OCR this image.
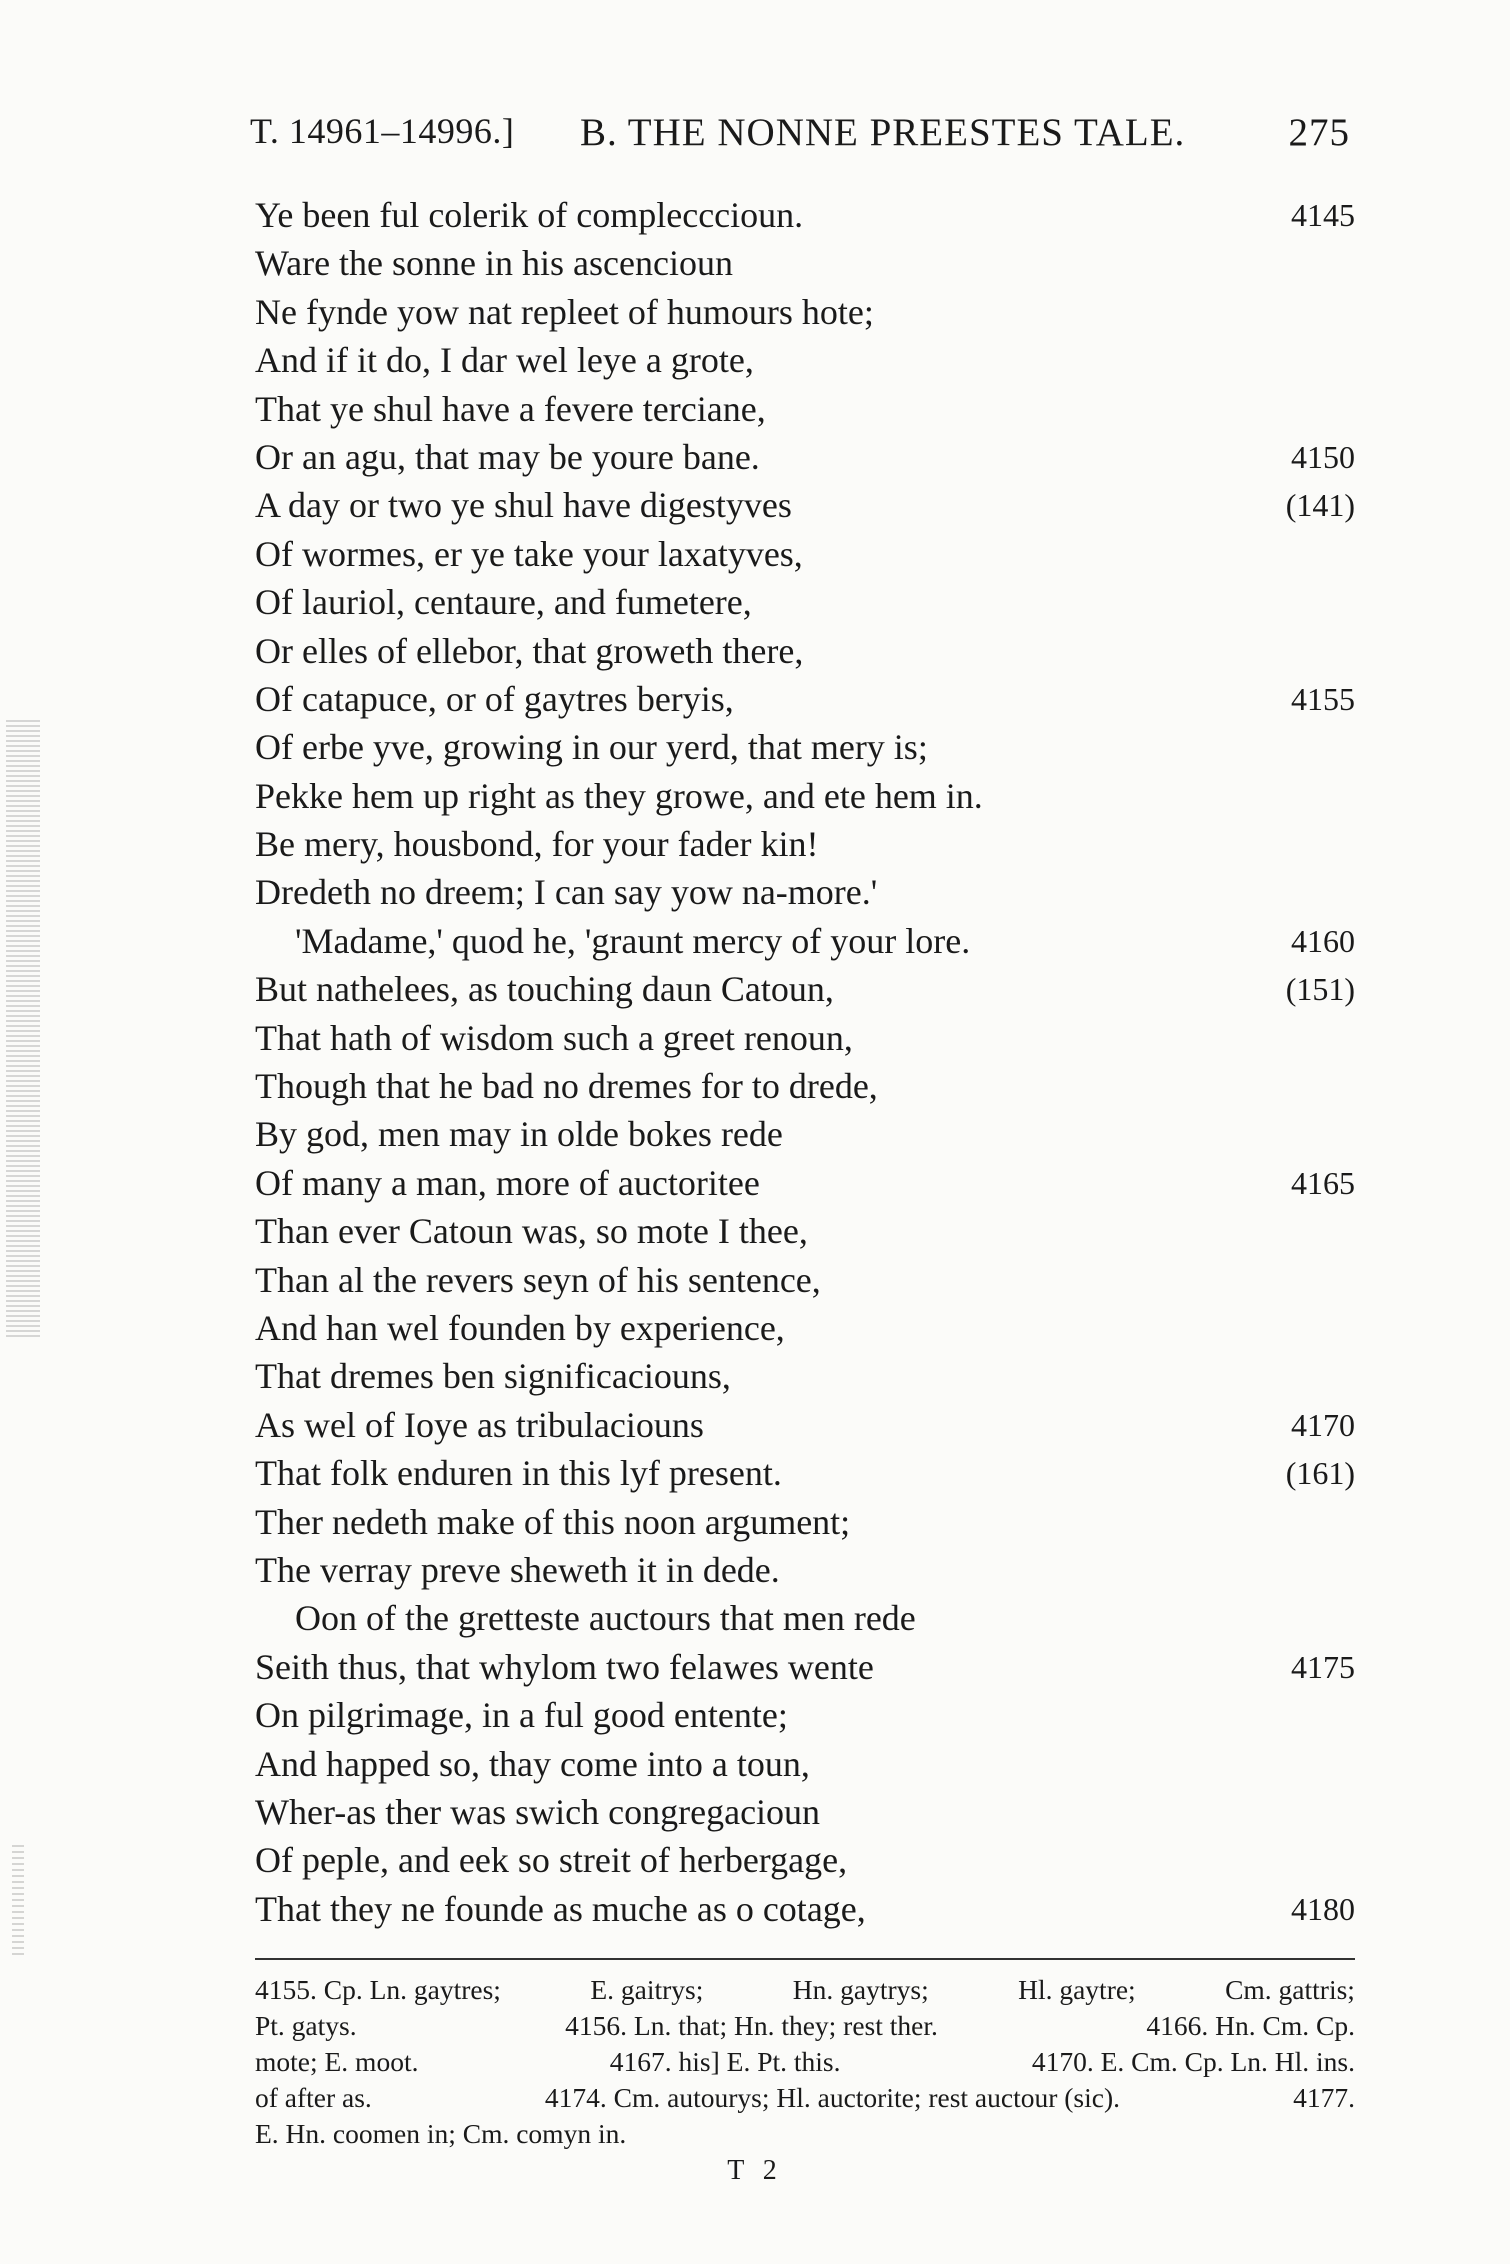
T. 14961–14996.] B. THE NONNE PREESTES TALE.	275
Ye been ful colerik of complecccioun.	4145
Ware the sonne in his ascencioun
Ne fynde yow nat repleet of humours hote;
And if it do, I dar wel leye a grote,
That ye shul have a fevere terciane,
Or an agu, that may be youre bane.	4150
A day or two ye shul have digestyves	(141)
Of wormes, er ye take your laxatyves,
Of lauriol, centaure, and fumetere,
Or elles of ellebor, that groweth there,
Of catapuce, or of gaytres beryis,	4155
Of erbe yve, growing in our yerd, that mery is;
Pekke hem up right as they growe, and ete hem in.
Be mery, housbond, for your fader kin!
Dredeth no dreem; I can say yow na-more.'
'Madame,' quod he, 'graunt mercy of your lore.	4160
But nathelees, as touching daun Catoun,	(151)
That hath of wisdom such a greet renoun,
Though that he bad no dremes for to drede,
By god, men may in olde bokes rede
Of many a man, more of auctoritee	4165
Than ever Catoun was, so mote I thee,
Than al the revers seyn of his sentence,
And han wel founden by experience,
That dremes ben significaciouns,
As wel of Ioye as tribulaciouns	4170
That folk enduren in this lyf present.	(161)
Ther nedeth make of this noon argument;
The verray preve sheweth it in dede.
Oon of the gretteste auctours that men rede
Seith thus, that whylom two felawes wente	4175
On pilgrimage, in a ful good entente;
And happed so, thay come into a toun,
Wher-as ther was swich congregacioun
Of peple, and eek so streit of herbergage,
That they ne founde as muche as o cotage,	4180
4155. Cp. Ln. gaytres;	E. gaitrys;	Hn. gaytrys;	Hl. gaytre;	Cm. gattris;
Pt. gatys.	4156. Ln. that; Hn. they; rest ther.	4166. Hn. Cm. Cp.
mote; E. moot.	4167. his] E. Pt. this.	4170. E. Cm. Cp. Ln. Hl. ins.
of after as.	4174. Cm. autourys; Hl. auctorite; rest auctour (sic).	4177.
E. Hn. coomen in; Cm. comyn in.
T 2
